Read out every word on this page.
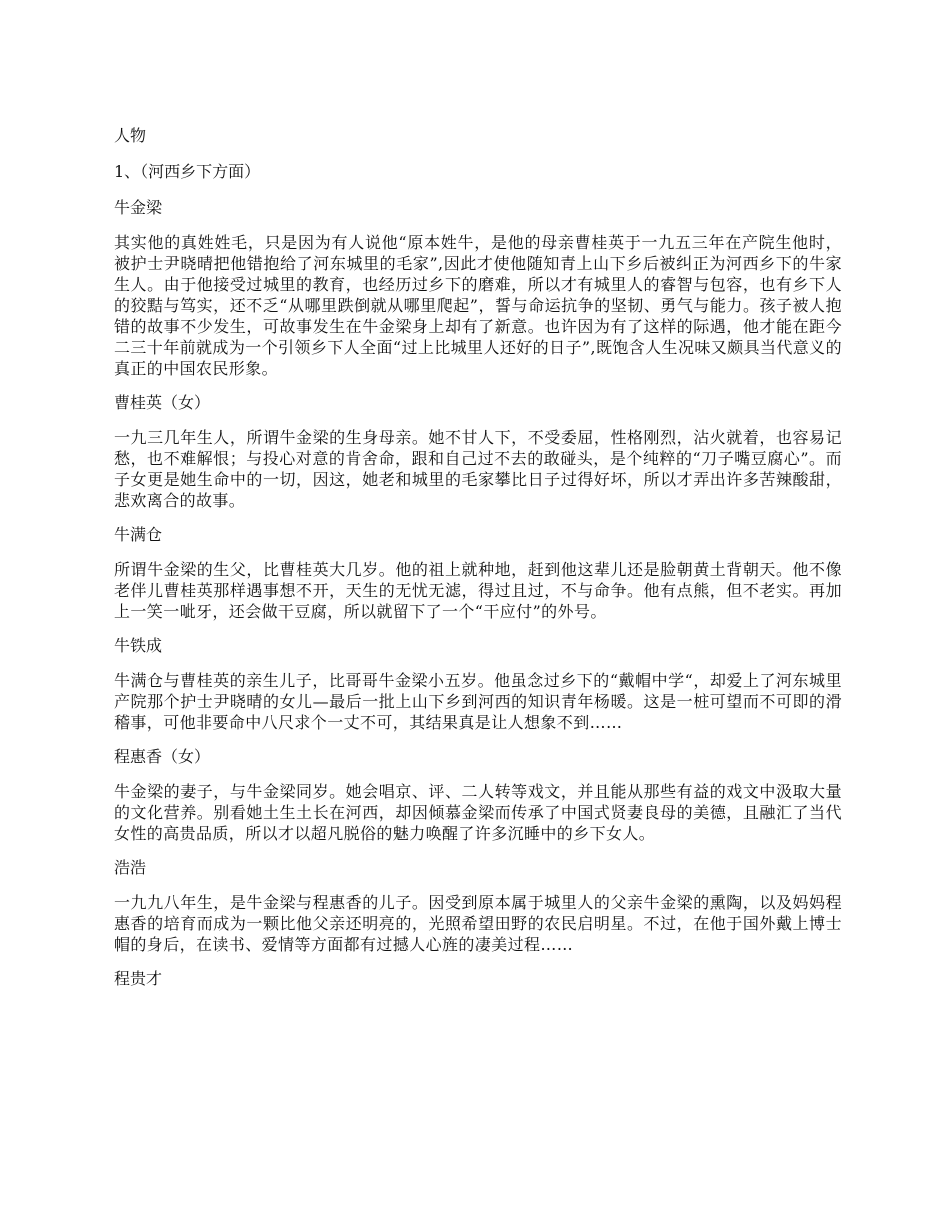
人物
1、（河西乡下方面）
牛金梁
其实他的真姓姓毛，只是因为有人说他“原本姓牛，是他的母亲曹桂英于一九五三年在产院生他时，被护士尹晓晴把他错抱给了河东城里的毛家”,因此才使他随知青上山下乡后被纠正为河西乡下的牛家生人。由于他接受过城里的教育，也经历过乡下的磨难，所以才有城里人的睿智与包容，也有乡下人的狡黠与笃实，还不乏“从哪里跌倒就从哪里爬起”，誓与命运抗争的坚韧、勇气与能力。孩子被人抱错的故事不少发生，可故事发生在牛金梁身上却有了新意。也许因为有了这样的际遇，他才能在距今二三十年前就成为一个引领乡下人全面“过上比城里人还好的日子”,既饱含人生况味又颇具当代意义的真正的中国农民形象。
曹桂英（女）
一九三几年生人，所谓牛金梁的生身母亲。她不甘人下，不受委屈，性格刚烈，沾火就着，也容易记愁，也不难解恨；与投心对意的肯舍命，跟和自己过不去的敢碰头，是个纯粹的“刀子嘴豆腐心”。而子女更是她生命中的一切，因这，她老和城里的毛家攀比日子过得好坏，所以才弄出许多苦辣酸甜，悲欢离合的故事。
牛满仓
所谓牛金梁的生父，比曹桂英大几岁。他的祖上就种地，赶到他这辈儿还是脸朝黄土背朝天。他不像老伴儿曹桂英那样遇事想不开，天生的无忧无滤，得过且过，不与命争。他有点熊，但不老实。再加上一笑一呲牙，还会做干豆腐，所以就留下了一个“干应付”的外号。
牛铁成
牛满仓与曹桂英的亲生儿子，比哥哥牛金梁小五岁。他虽念过乡下的“戴帽中学“，却爱上了河东城里产院那个护士尹晓晴的女儿—最后一批上山下乡到河西的知识青年杨暖。这是一桩可望而不可即的滑稽事，可他非要命中八尺求个一丈不可，其结果真是让人想象不到……
程惠香（女）
牛金梁的妻子，与牛金梁同岁。她会唱京、评、二人转等戏文，并且能从那些有益的戏文中汲取大量的文化营养。别看她土生土长在河西，却因倾慕金梁而传承了中国式贤妻良母的美德，且融汇了当代女性的高贵品质，所以才以超凡脱俗的魅力唤醒了许多沉睡中的乡下女人。
浩浩
一九九八年生，是牛金梁与程惠香的儿子。因受到原本属于城里人的父亲牛金梁的熏陶，以及妈妈程惠香的培育而成为一颗比他父亲还明亮的，光照希望田野的农民启明星。不过，在他于国外戴上博士帽的身后，在读书、爱情等方面都有过撼人心旌的凄美过程……
程贵才
